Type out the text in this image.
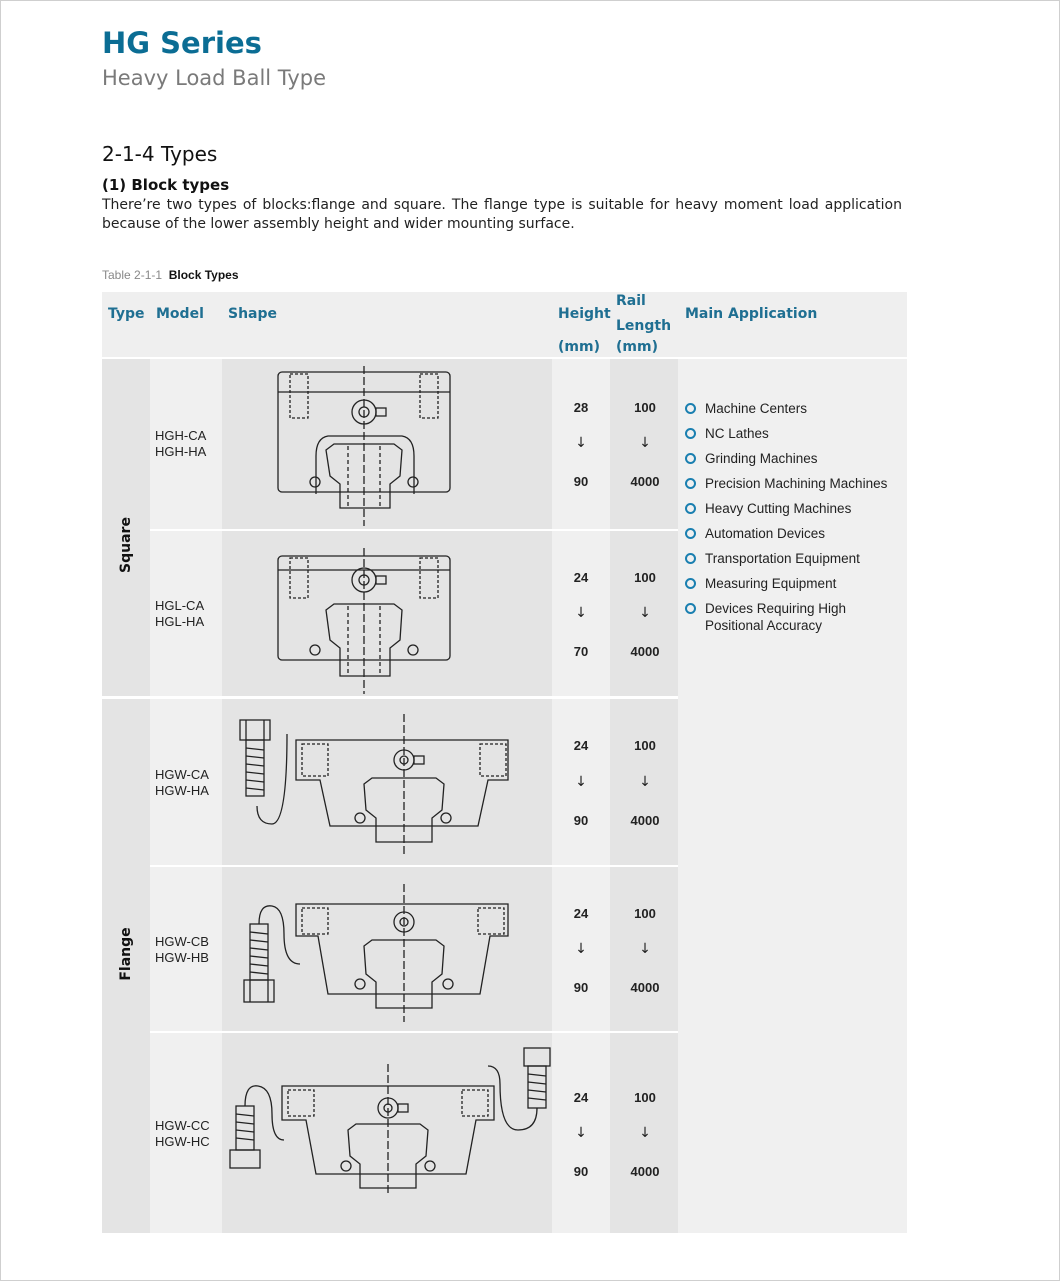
HG Series
Heavy Load Ball Type
2-1-4 Types
(1) Block types
There’re two types of blocks:flange and square. The flange type is suitable for heavy moment load application because of the lower assembly height and wider mounting surface.
Table 2-1-1 Block Types
Type Model Shape	Height
(mm)
Rail
Length
(mm)
Main Application
Square
Flange
HGH-CA
HGH-HA
HGL-CA
HGL-HA
HGW-CA
HGW-HA
HGW-CB
HGW-HB
HGW-CC
HGW-HC
28
↓
90
100
↓
4000
24
↓
70
100
↓
4000
24
↓
90
100
↓
4000
24
↓
90
100
↓
4000
24
↓
90
100
↓
4000
Machine Centers
NC Lathes
Grinding Machines
Precision Machining Machines
Heavy Cutting Machines
Automation Devices
Transportation Equipment
Measuring Equipment
Devices Requiring High Positional Accuracy
